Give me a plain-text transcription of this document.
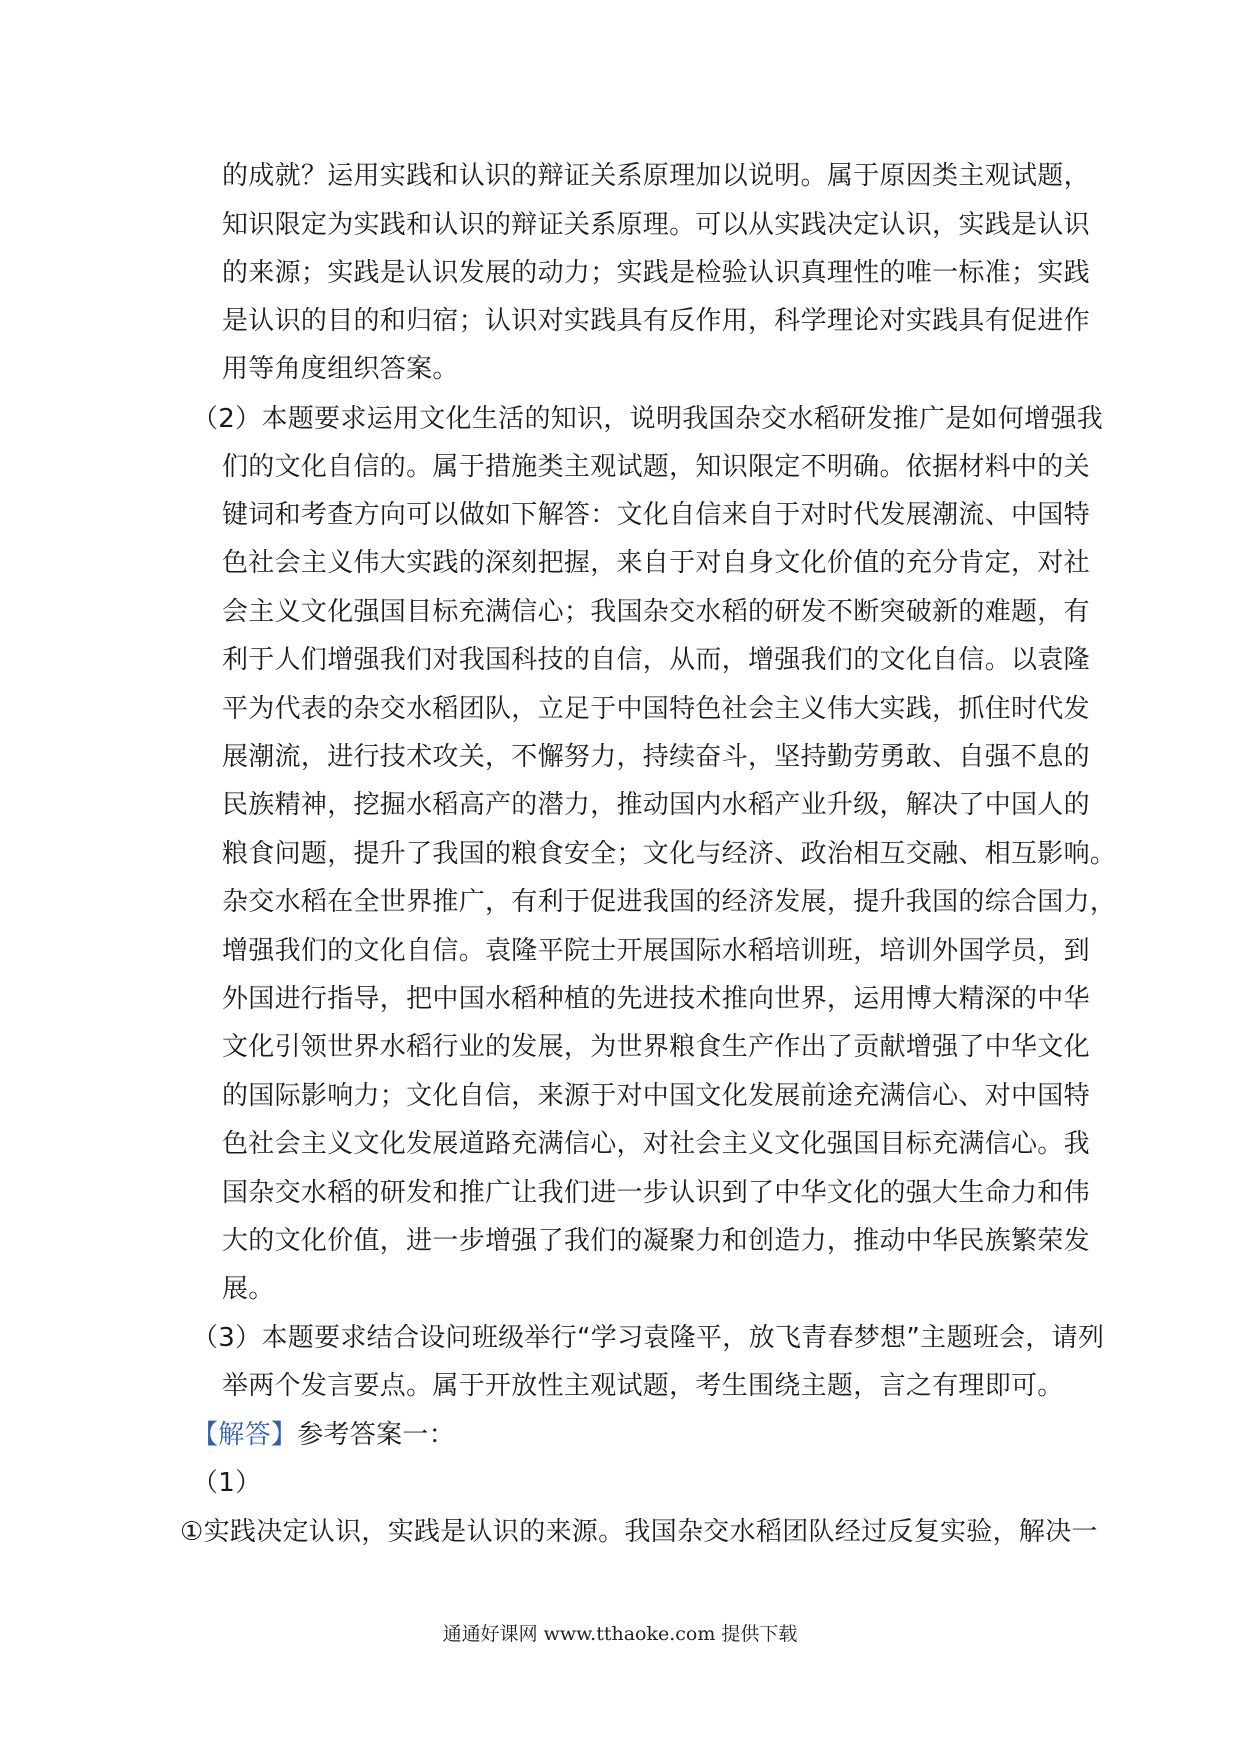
的成就？运用实践和认识的辩证关系原理加以说明。属于原因类主观试题，
知识限定为实践和认识的辩证关系原理。可以从实践决定认识，实践是认识
的来源；实践是认识发展的动力；实践是检验认识真理性的唯一标准；实践
是认识的目的和归宿；认识对实践具有反作用，科学理论对实践具有促进作
用等角度组织答案。
（2）本题要求运用文化生活的知识，说明我国杂交水稻研发推广是如何增强我
们的文化自信的。属于措施类主观试题，知识限定不明确。依据材料中的关
键词和考查方向可以做如下解答：文化自信来自于对时代发展潮流、中国特
色社会主义伟大实践的深刻把握，来自于对自身文化价值的充分肯定，对社
会主义文化强国目标充满信心；我国杂交水稻的研发不断突破新的难题，有
利于人们增强我们对我国科技的自信，从而，增强我们的文化自信。以袁隆
平为代表的杂交水稻团队，立足于中国特色社会主义伟大实践，抓住时代发
展潮流，进行技术攻关，不懈努力，持续奋斗，坚持勤劳勇敢、自强不息的
民族精神，挖掘水稻高产的潜力，推动国内水稻产业升级，解决了中国人的
粮食问题，提升了我国的粮食安全；文化与经济、政治相互交融、相互影响。
杂交水稻在全世界推广，有利于促进我国的经济发展，提升我国的综合国力，
增强我们的文化自信。袁隆平院士开展国际水稻培训班，培训外国学员，到
外国进行指导，把中国水稻种植的先进技术推向世界，运用博大精深的中华
文化引领世界水稻行业的发展，为世界粮食生产作出了贡献增强了中华文化
的国际影响力；文化自信，来源于对中国文化发展前途充满信心、对中国特
色社会主义文化发展道路充满信心，对社会主义文化强国目标充满信心。我
国杂交水稻的研发和推广让我们进一步认识到了中华文化的强大生命力和伟
大的文化价值，进一步增强了我们的凝聚力和创造力，推动中华民族繁荣发
展。
（3）本题要求结合设问班级举行“学习袁隆平，放飞青春梦想”主题班会，请列
举两个发言要点。属于开放性主观试题，考生围绕主题，言之有理即可。
【解答】参考答案一：
（1）
①实践决定认识，实践是认识的来源。我国杂交水稻团队经过反复实验，解决一
通通好课网 www.tthaoke.com 提供下载
